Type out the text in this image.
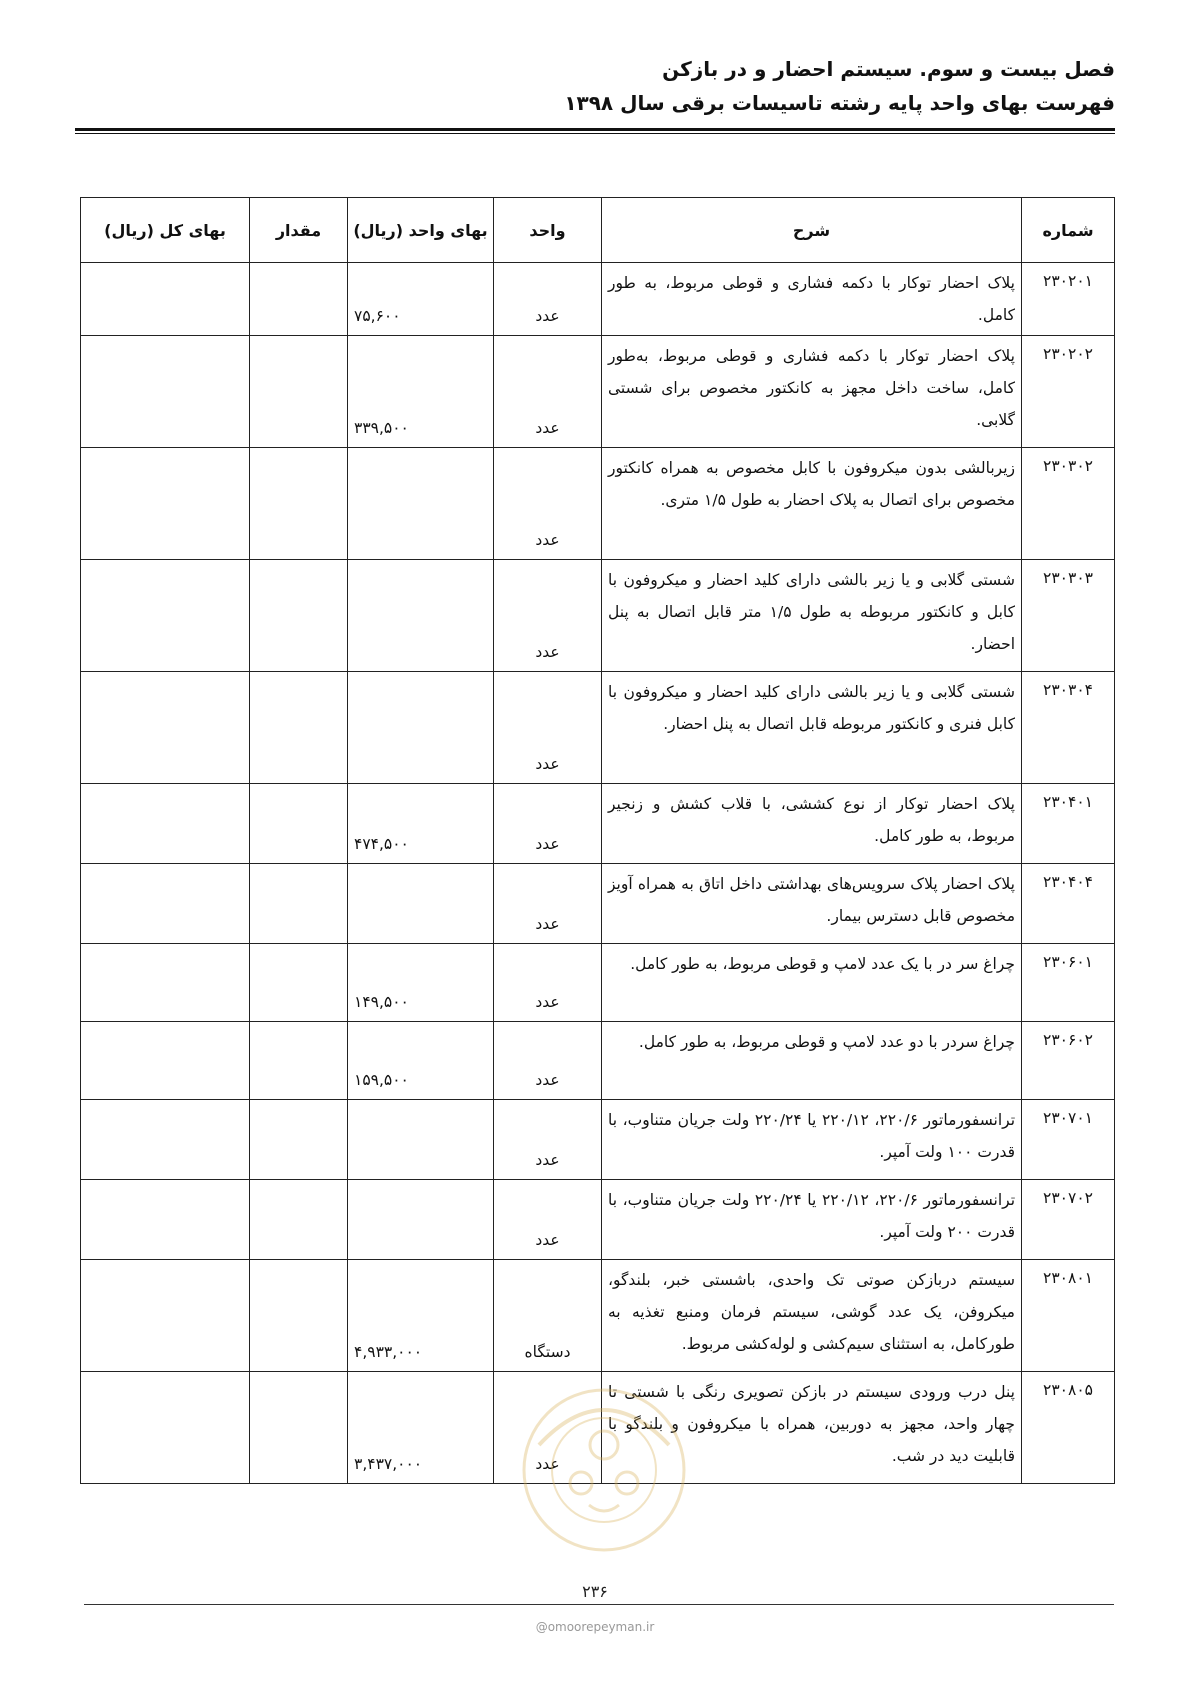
فصل بیست و سوم. سیستم احضار و در بازکن
فهرست بهای واحد پایه رشته تاسیسات برقی سال ۱۳۹۸
شماره	شرح	واحد	بهای واحد (ریال)	مقدار	بهای کل (ریال)
۲۳۰۲۰۱	پلاک احضار توکار با دکمه فشاری و قوطی مربوط، به طور کامل.	عدد	۷۵,۶۰۰		
۲۳۰۲۰۲	پلاک احضار توکار با دکمه فشاری و قوطی مربوط، به‌طور کامل، ساخت داخل مجهز به کانکتور مخصوص برای شستی گلابی.	عدد	۳۳۹,۵۰۰		
۲۳۰۳۰۲	زیربالشی بدون میکروفون با کابل مخصوص به همراه کانکتور مخصوص برای اتصال به پلاک احضار به طول ۱/۵ متری.	عدد			
۲۳۰۳۰۳	شستی گلابی و یا زیر بالشی دارای کلید احضار و میکروفون با کابل و کانکتور مربوطه به طول ۱/۵ متر قابل اتصال به پنل احضار.	عدد			
۲۳۰۳۰۴	شستی گلابی و یا زیر بالشی دارای کلید احضار و میکروفون با کابل فنری و کانکتور مربوطه قابل اتصال به پنل احضار.	عدد			
۲۳۰۴۰۱	پلاک احضار توکار از نوع کششی، با قلاب کشش و زنجیر مربوط، به طور کامل.	عدد	۴۷۴,۵۰۰		
۲۳۰۴۰۴	پلاک احضار پلاک سرویس‌های بهداشتی داخل اتاق به همراه آویز مخصوص قابل دسترس بیمار.	عدد			
۲۳۰۶۰۱	چراغ سر در با یک عدد لامپ و قوطی مربوط، به طور کامل.	عدد	۱۴۹,۵۰۰		
۲۳۰۶۰۲	چراغ سردر با دو عدد لامپ و قوطی مربوط، به طور کامل.	عدد	۱۵۹,۵۰۰		
۲۳۰۷۰۱	ترانسفورماتور ۲۲۰/۶، ۲۲۰/۱۲ یا ۲۲۰/۲۴ ولت جریان متناوب، با قدرت ۱۰۰ ولت آمپر.	عدد			
۲۳۰۷۰۲	ترانسفورماتور ۲۲۰/۶، ۲۲۰/۱۲ یا ۲۲۰/۲۴ ولت جریان متناوب، با قدرت ۲۰۰ ولت آمپر.	عدد			
۲۳۰۸۰۱	سیستم دربازکن صوتی تک واحدی، باشستی خبر، بلندگو، میکروفن، یک عدد گوشی، سیستم فرمان ومنبع تغذیه به طورکامل، به استثنای سیم‌کشی و لوله‌کشی مربوط.	دستگاه	۴,۹۳۳,۰۰۰		
۲۳۰۸۰۵	پنل درب ورودی سیستم در بازکن تصویری رنگی با شستی تا چهار واحد، مجهز به دوربین، همراه با میکروفون و بلندگو با قابلیت دید در شب.	عدد	۳,۴۳۷,۰۰۰		
۲۳۶
@omoorepeyman.ir
